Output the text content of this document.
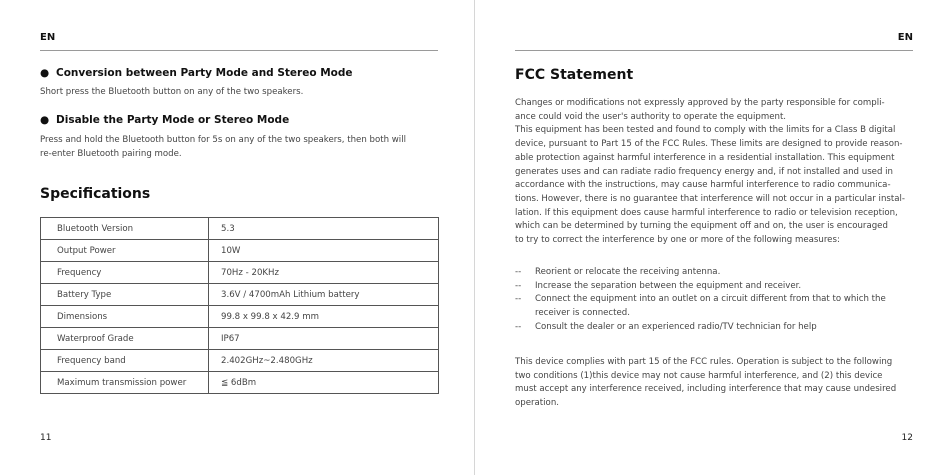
EN
● Conversion between Party Mode and Stereo Mode
Short press the Bluetooth button on any of the two speakers.
● Disable the Party Mode or Stereo Mode
Press and hold the Bluetooth button for 5s on any of the two speakers, then both will
re-enter Bluetooth pairing mode.
Specifications
Bluetooth Version	5.3
Output Power	10W
Frequency	70Hz - 20KHz
Battery Type	3.6V / 4700mAh Lithium battery
Dimensions	99.8 x 99.8 x 42.9 mm
Waterproof Grade	IP67
Frequency band	2.402GHz~2.480GHz
Maximum transmission power	≦ 6dBm
11
EN
FCC Statement
Changes or modifications not expressly approved by the party responsible for compli-
ance could void the user's authority to operate the equipment.
This equipment has been tested and found to comply with the limits for a Class B digital
device, pursuant to Part 15 of the FCC Rules. These limits are designed to provide reason-
able protection against harmful interference in a residential installation. This equipment
generates uses and can radiate radio frequency energy and, if not installed and used in
accordance with the instructions, may cause harmful interference to radio communica-
tions. However, there is no guarantee that interference will not occur in a particular instal-
lation. If this equipment does cause harmful interference to radio or television reception,
which can be determined by turning the equipment off and on, the user is encouraged
to try to correct the interference by one or more of the following measures:
-- Reorient or relocate the receiving antenna.
-- Increase the separation between the equipment and receiver.
-- Connect the equipment into an outlet on a circuit different from that to which the receiver is connected.
-- Consult the dealer or an experienced radio/TV technician for help
This device complies with part 15 of the FCC rules. Operation is subject to the following
two conditions (1)this device may not cause harmful interference, and (2) this device
must accept any interference received, including interference that may cause undesired
operation.
12
